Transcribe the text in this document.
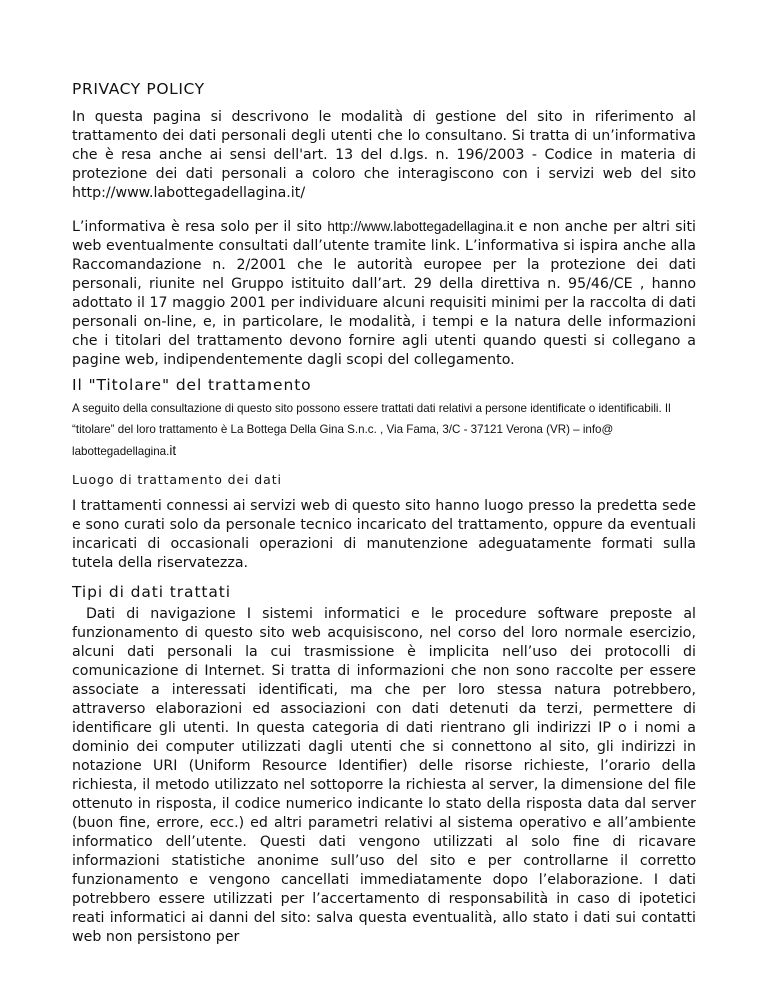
PRIVACY POLICY

In questa pagina si descrivono le modalità di gestione del sito in riferimento al trattamento dei dati personali degli utenti che lo consultano. Si tratta di un’informativa che è resa anche ai sensi dell'art. 13 del d.lgs. n. 196/2003 - Codice in materia di protezione dei dati personali a coloro che interagiscono con i servizi web del sito http://www.labottegadellagina.it/

L’informativa è resa solo per il sito http://www.labottegadellagina.it e non anche per altri siti web eventualmente consultati dall’utente tramite link. L’informativa si ispira anche alla Raccomandazione n. 2/2001 che le autorità europee per la protezione dei dati personali, riunite nel Gruppo istituito dall’art. 29 della direttiva n. 95/46/CE , hanno adottato il 17 maggio 2001 per individuare alcuni requisiti minimi per la raccolta di dati personali on-line, e, in particolare, le modalità, i tempi e la natura delle informazioni che i titolari del trattamento devono fornire agli utenti quando questi si collegano a pagine web, indipendentemente dagli scopi del collegamento.

Il "Titolare" del trattamento

A seguito della consultazione di questo sito possono essere trattati dati relativi a persone identificate o identificabili. Il “titolare” del loro trattamento è La Bottega Della Gina S.n.c. , Via Fama, 3/C - 37121 Verona (VR) – info@ labottegadellagina.it

Luogo di trattamento dei dati

I trattamenti connessi ai servizi web di questo sito hanno luogo presso la predetta sede e sono curati solo da personale tecnico incaricato del trattamento, oppure da eventuali incaricati di occasionali operazioni di manutenzione adeguatamente formati sulla tutela della riservatezza.

Tipi di dati trattati

Dati di navigazione I sistemi informatici e le procedure software preposte al funzionamento di questo sito web acquisiscono, nel corso del loro normale esercizio, alcuni dati personali la cui trasmissione è implicita nell’uso dei protocolli di comunicazione di Internet. Si tratta di informazioni che non sono raccolte per essere associate a interessati identificati, ma che per loro stessa natura potrebbero, attraverso elaborazioni ed associazioni con dati detenuti da terzi, permettere di identificare gli utenti. In questa categoria di dati rientrano gli indirizzi IP o i nomi a dominio dei computer utilizzati dagli utenti che si connettono al sito, gli indirizzi in notazione URI (Uniform Resource Identifier) delle risorse richieste, l’orario della richiesta, il metodo utilizzato nel sottoporre la richiesta al server, la dimensione del file ottenuto in risposta, il codice numerico indicante lo stato della risposta data dal server (buon fine, errore, ecc.) ed altri parametri relativi al sistema operativo e all’ambiente informatico dell’utente. Questi dati vengono utilizzati al solo fine di ricavare informazioni statistiche anonime sull’uso del sito e per controllarne il corretto funzionamento e vengono cancellati immediatamente dopo l’elaborazione. I dati potrebbero essere utilizzati per l’accertamento di responsabilità in caso di ipotetici reati informatici ai danni del sito: salva questa eventualità, allo stato i dati sui contatti web non persistono per
